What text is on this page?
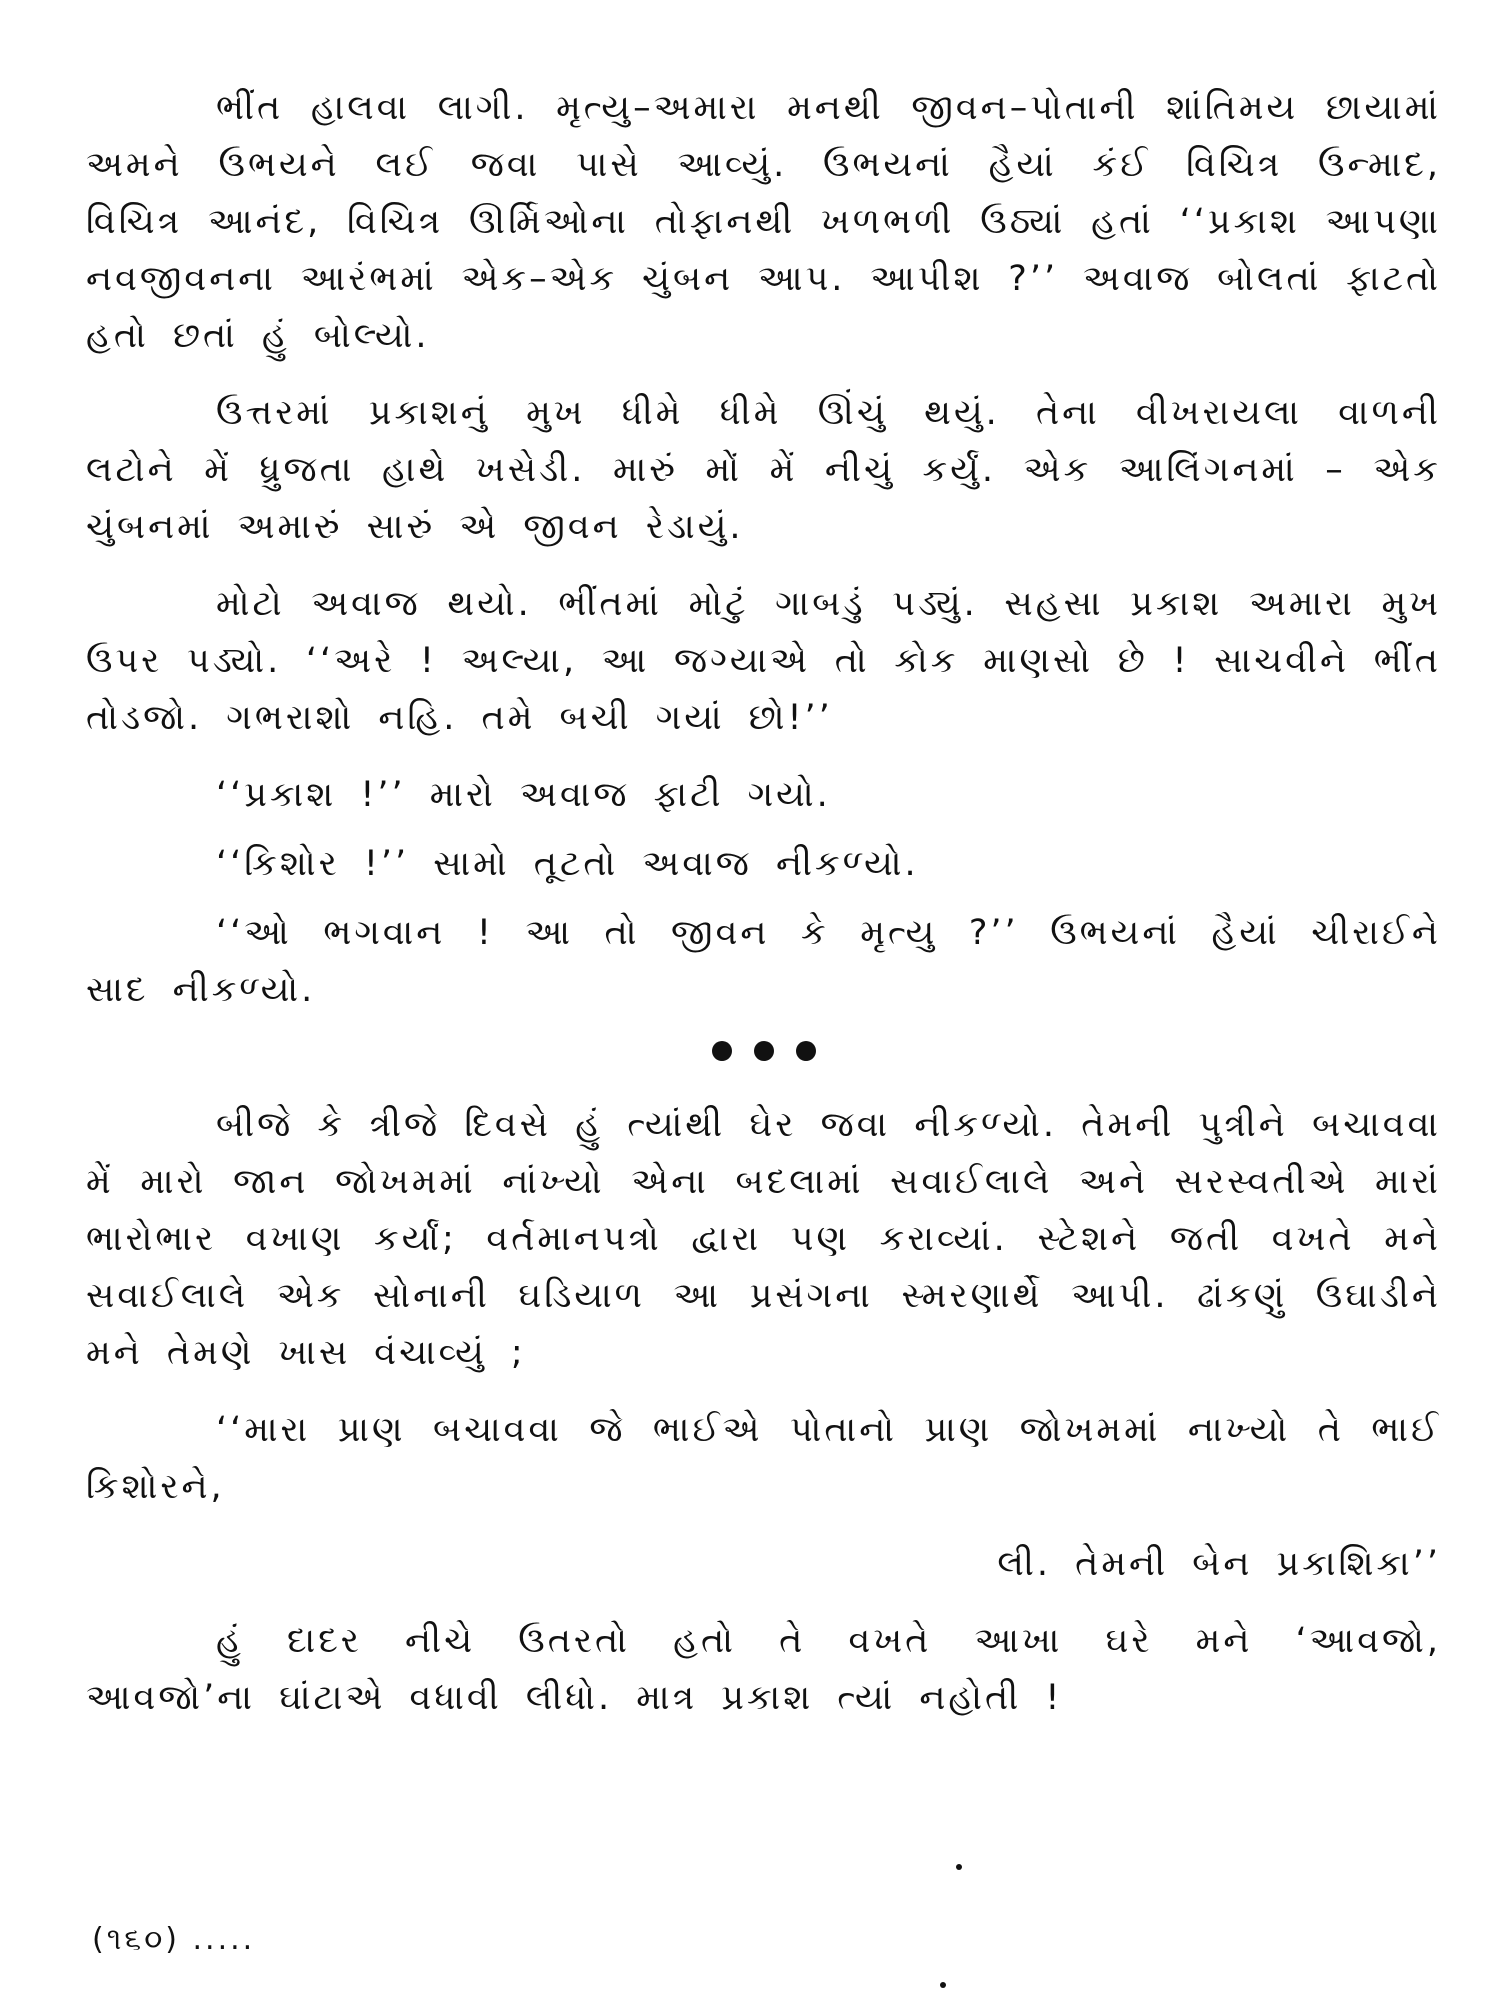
ભીંત હાલવા લાગી. મૃત્યુ–અમારા મનથી જીવન–પોતાની શાંતિમય છાયામાં અમને ઉભયને લઈ જવા પાસે આવ્યું. ઉભયનાં હૈયાં કંઈ વિચિત્ર ઉન્માદ, વિચિત્ર આનંદ, વિચિત્ર ઊર્મિઓના તોફાનથી ખળભળી ઉઠ્યાં હતાં ‘‘પ્રકાશ આપણા નવજીવનના આરંભમાં એક–એક ચુંબન આપ. આપીશ ?’’ અવાજ બોલતાં ફાટતો હતો છતાં હું બોલ્યો.

ઉત્તરમાં પ્રકાશનું મુખ ધીમે ધીમે ઊંચું થયું. તેના વીખરાયલા વાળની લટોને મેં ધ્રુજતા હાથે ખસેડી. મારું મોં મેં નીચું કર્યું. એક આલિંગનમાં – એક ચુંબનમાં અમારું સારું એ જીવન રેડાયું.

મોટો અવાજ થયો. ભીંતમાં મોટું ગાબડું પડ્યું. સહસા પ્રકાશ અમારા મુખ ઉપર પડ્યો. ‘‘અરે ! અલ્યા, આ જગ્યાએ તો કોક માણસો છે ! સાચવીને ભીંત તોડજો. ગભરાશો નહિ. તમે બચી ગયાં છો!’’

‘‘પ્રકાશ !’’ મારો અવાજ ફાટી ગયો.

‘‘કિશોર !’’ સામો તૂટતો અવાજ નીકળ્યો.

‘‘ઓ ભગવાન ! આ તો જીવન કે મૃત્યુ ?’’ ઉભયનાં હૈયાં ચીરાઈને સાદ નીકળ્યો.

બીજે કે ત્રીજે દિવસે હું ત્યાંથી ઘેર જવા નીકળ્યો. તેમની પુત્રીને બચાવવા મેં મારો જાન જોખમમાં નાંખ્યો એના બદલામાં સવાઈલાલે અને સરસ્વતીએ મારાં ભારોભાર વખાણ કર્યાં; વર્તમાનપત્રો દ્વારા પણ કરાવ્યાં. સ્ટેશને જતી વખતે મને સવાઈલાલે એક સોનાની ઘડિયાળ આ પ્રસંગના સ્મરણાર્થે આપી. ઢાંકણું ઉઘાડીને મને તેમણે ખાસ વંચાવ્યું ;

‘‘મારા પ્રાણ બચાવવા જે ભાઈએ પોતાનો પ્રાણ જોખમમાં નાખ્યો તે ભાઈ કિશોરને,

લી. તેમની બેન પ્રકાશિકા’’

હું દાદર નીચે ઉતરતો હતો તે વખતે આખા ઘરે મને ‘આવજો, આવજો’ના ઘાંટાએ વધાવી લીધો. માત્ર પ્રકાશ ત્યાં નહોતી !

(૧૬૦) .....
